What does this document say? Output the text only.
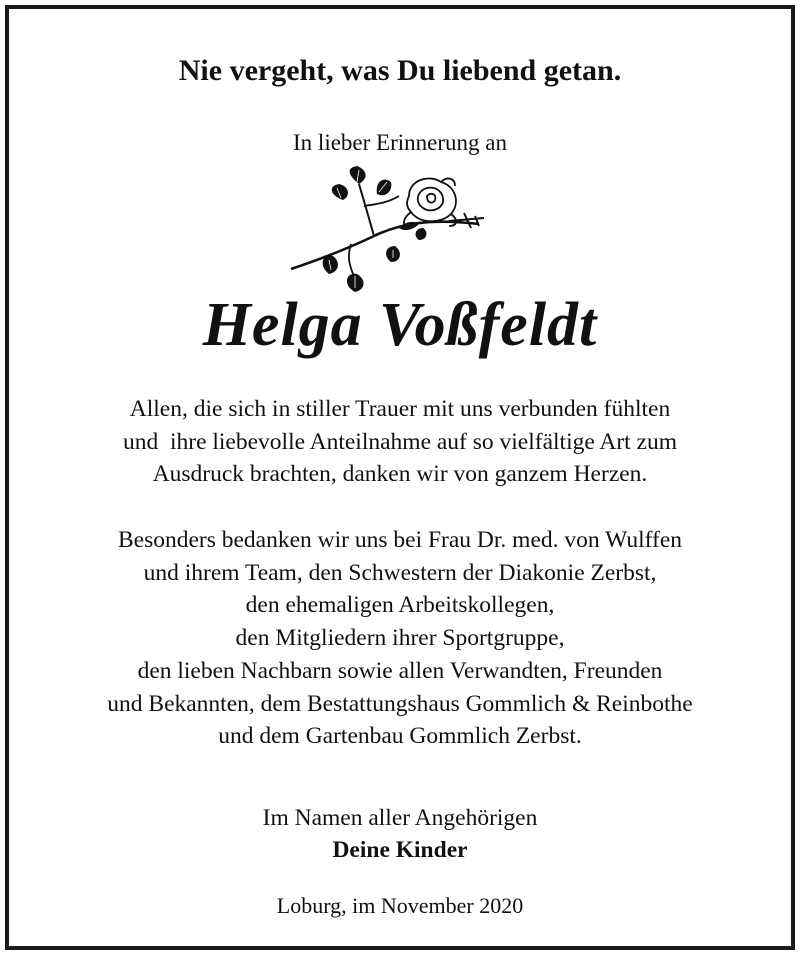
Nie vergeht, was Du liebend getan.
In lieber Erinnerung an
Helga Voßfeldt
Allen, die sich in stiller Trauer mit uns verbunden fühlten
und  ihre liebevolle Anteilnahme auf so vielfältige Art zum
Ausdruck brachten, danken wir von ganzem Herzen.
Besonders bedanken wir uns bei Frau Dr. med. von Wulffen
und ihrem Team, den Schwestern der Diakonie Zerbst,
den ehemaligen Arbeitskollegen,
den Mitgliedern ihrer Sportgruppe,
den lieben Nachbarn sowie allen Verwandten, Freunden
und Bekannten, dem Bestattungshaus Gommlich & Reinbothe
und dem Gartenbau Gommlich Zerbst.
Im Namen aller Angehörigen
Deine Kinder
Loburg, im November 2020
